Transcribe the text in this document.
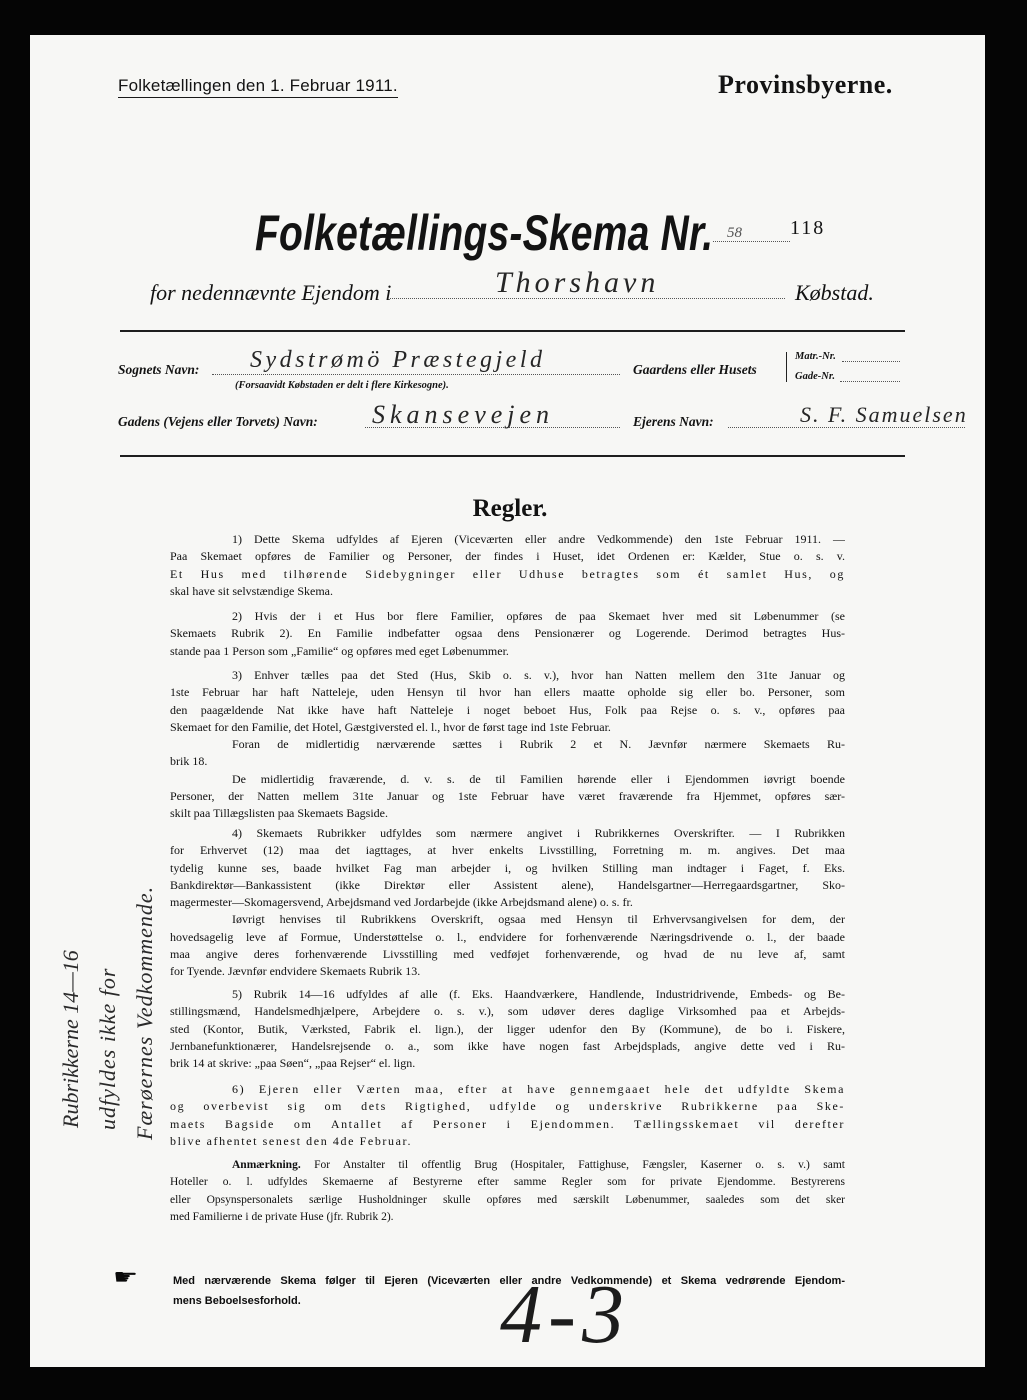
Folketællingen den 1. Februar 1911.	Provinsbyerne.
Folketællings-Skema Nr. 58 118
for nedennævnte Ejendom i	Thorshavn	Købstad.
Sognets Navn: Sydstrømö Præstegjeld
(Forsaavidt Købstaden er delt i flere Kirkesogne).
Gaardens eller Husets
Matr.-Nr.
Gade-Nr.
Gadens (Vejens eller Torvets) Navn: Skansevejen	Ejerens Navn:	S. F. Samuelsen
Regler.
1) Dette Skema udfyldes af Ejeren (Viceværten eller andre Vedkommende) den 1ste Februar 1911. —
Paa Skemaet opføres de Familier og Personer, der findes i Huset, idet Ordenen er: Kælder, Stue o. s. v.
Et Hus med tilhørende Sidebygninger eller Udhuse betragtes som ét samlet Hus, og
skal have sit selvstændige Skema.
2) Hvis der i et Hus bor flere Familier, opføres de paa Skemaet hver med sit Løbenummer (se
Skemaets Rubrik 2). En Familie indbefatter ogsaa dens Pensionærer og Logerende. Derimod betragtes Hus-
stande paa 1 Person som „Familie“ og opføres med eget Løbenummer.
3) Enhver tælles paa det Sted (Hus, Skib o. s. v.), hvor han Natten mellem den 31te Januar og
1ste Februar har haft Natteleje, uden Hensyn til hvor han ellers maatte opholde sig eller bo. Personer, som
den paagældende Nat ikke have haft Natteleje i noget beboet Hus, Folk paa Rejse o. s. v., opføres paa
Skemaet for den Familie, det Hotel, Gæstgiversted el. l., hvor de først tage ind 1ste Februar.
Foran de midlertidig nærværende sættes i Rubrik 2 et N. Jævnfør nærmere Skemaets Ru-
brik 18.
De midlertidig fraværende, d. v. s. de til Familien hørende eller i Ejendommen iøvrigt boende
Personer, der Natten mellem 31te Januar og 1ste Februar have været fraværende fra Hjemmet, opføres sær-
skilt paa Tillægslisten paa Skemaets Bagside.
4) Skemaets Rubrikker udfyldes som nærmere angivet i Rubrikkernes Overskrifter. — I Rubrikken
for Erhvervet (12) maa det iagttages, at hver enkelts Livsstilling, Forretning m. m. angives. Det maa
tydelig kunne ses, baade hvilket Fag man arbejder i, og hvilken Stilling man indtager i Faget, f. Eks.
Bankdirektør—Bankassistent (ikke Direktør eller Assistent alene), Handelsgartner—Herregaardsgartner, Sko-
magermester—Skomagersvend, Arbejdsmand ved Jordarbejde (ikke Arbejdsmand alene) o. s. fr.
Iøvrigt henvises til Rubrikkens Overskrift, ogsaa med Hensyn til Erhvervsangivelsen for dem, der
hovedsagelig leve af Formue, Understøttelse o. l., endvidere for forhenværende Næringsdrivende o. l., der baade
maa angive deres forhenværende Livsstilling med vedføjet forhenværende, og hvad de nu leve af, samt
for Tyende. Jævnfør endvidere Skemaets Rubrik 13.
5) Rubrik 14—16 udfyldes af alle (f. Eks. Haandværkere, Handlende, Industridrivende, Embeds- og Be-
stillingsmænd, Handelsmedhjælpere, Arbejdere o. s. v.), som udøver deres daglige Virksomhed paa et Arbejds-
sted (Kontor, Butik, Værksted, Fabrik el. lign.), der ligger udenfor den By (Kommune), de bo i. Fiskere,
Jernbanefunktionærer, Handelsrejsende o. a., som ikke have nogen fast Arbejdsplads, angive dette ved i Ru-
brik 14 at skrive: „paa Søen“, „paa Rejser“ el. lign.
6) Ejeren eller Værten maa, efter at have gennemgaaet hele det udfyldte Skema
og overbevist sig om dets Rigtighed, udfylde og underskrive Rubrikkerne paa Ske-
maets Bagside om Antallet af Personer i Ejendommen. Tællingsskemaet vil derefter
blive afhentet senest den 4de Februar.
Anmærkning. For Anstalter til offentlig Brug (Hospitaler, Fattighuse, Fængsler, Kaserner o. s. v.) samt
Hoteller o. l. udfyldes Skemaerne af Bestyrerne efter samme Regler som for private Ejendomme. Bestyrerens
eller Opsynspersonalets særlige Husholdninger skulle opføres med særskilt Løbenummer, saaledes som det sker
med Familierne i de private Huse (jfr. Rubrik 2).
Rubrikkerne 14—16 udfyldes ikke for Færøernes Vedkommende.
☛	Med nærværende Skema følger til Ejeren (Viceværten eller andre Vedkommende) et Skema vedrørende Ejendom-
mens Beboelsesforhold.	4-3
